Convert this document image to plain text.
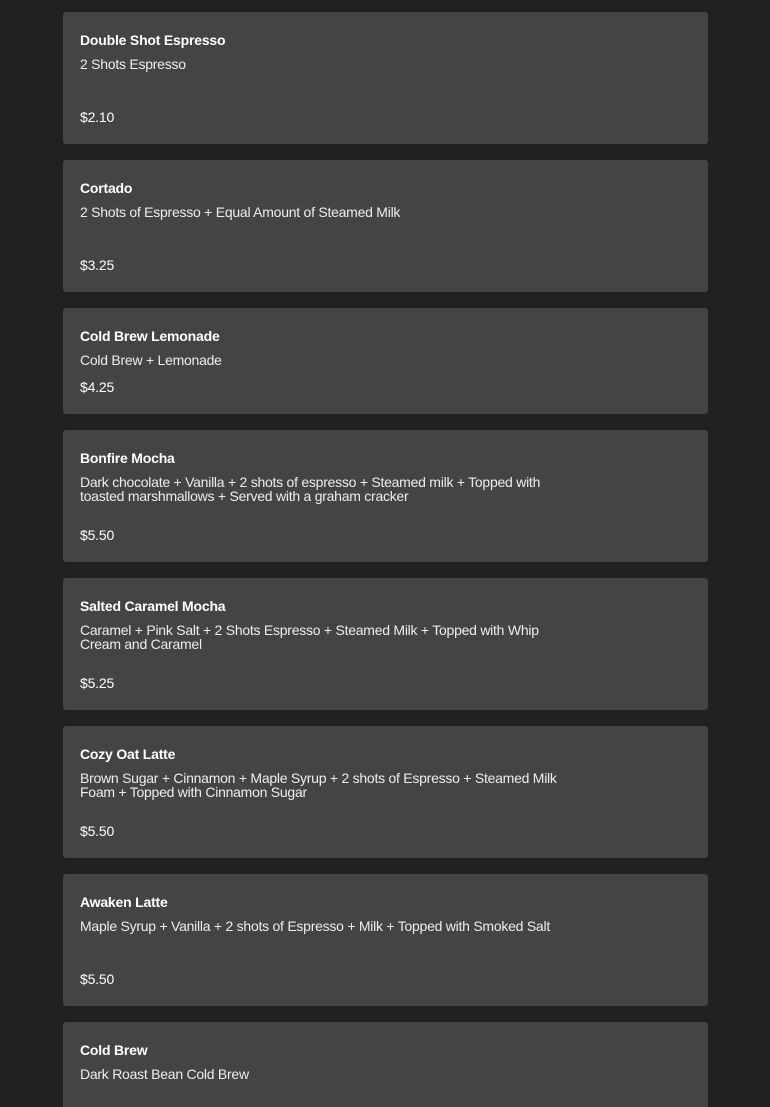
Double Shot Espresso
2 Shots Espresso
$2.10
Cortado
2 Shots of Espresso + Equal Amount of Steamed Milk
$3.25
Cold Brew Lemonade
Cold Brew + Lemonade
$4.25
Bonfire Mocha
Dark chocolate + Vanilla + 2 shots of espresso + Steamed milk + Topped with toasted marshmallows + Served with a graham cracker
$5.50
Salted Caramel Mocha
Caramel + Pink Salt + 2 Shots Espresso + Steamed Milk + Topped with Whip Cream and Caramel
$5.25
Cozy Oat Latte
Brown Sugar + Cinnamon + Maple Syrup + 2 shots of Espresso + Steamed Milk Foam + Topped with Cinnamon Sugar
$5.50
Awaken Latte
Maple Syrup + Vanilla + 2 shots of Espresso + Milk + Topped with Smoked Salt
$5.50
Cold Brew
Dark Roast Bean Cold Brew
